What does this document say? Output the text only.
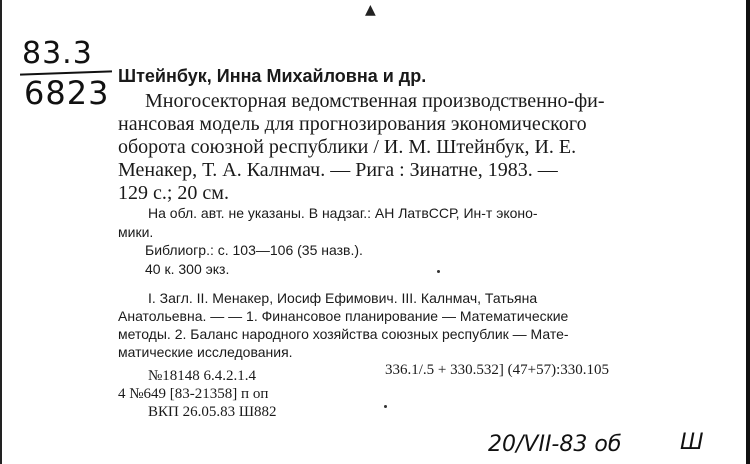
▲
83.3
6823 Штейнбук, Инна Михайловна и др.
Многосекторная ведомственная производственно-фи-
нансовая модель для прогнозирования экономического
оборота союзной республики / И. М. Штейнбук, И. Е.
Менакер, Т. А. Калнмач. — Рига : Зинатне, 1983. —
129 с.; 20 см.
На обл. авт. не указаны. В надзаг.: АН ЛатвССР, Ин-т эконо-
мики.
Библиогр.: с. 103—106 (35 назв.).
40 к. 300 экз.
I. Загл. II. Менакер, Иосиф Ефимович. III. Калнмач, Татьяна
Анатольевна. — — 1. Финансовое планирование — Математические
методы. 2. Баланс народного хозяйства союзных республик — Мате-
матические исследования.
№18148 6.4.2.1.4	336.1/.5 + 330.532] (47+57):330.105
4 №649 [83-21358] п оп
ВКП 26.05.83 Ш882
20/VII-83 об	Ш
